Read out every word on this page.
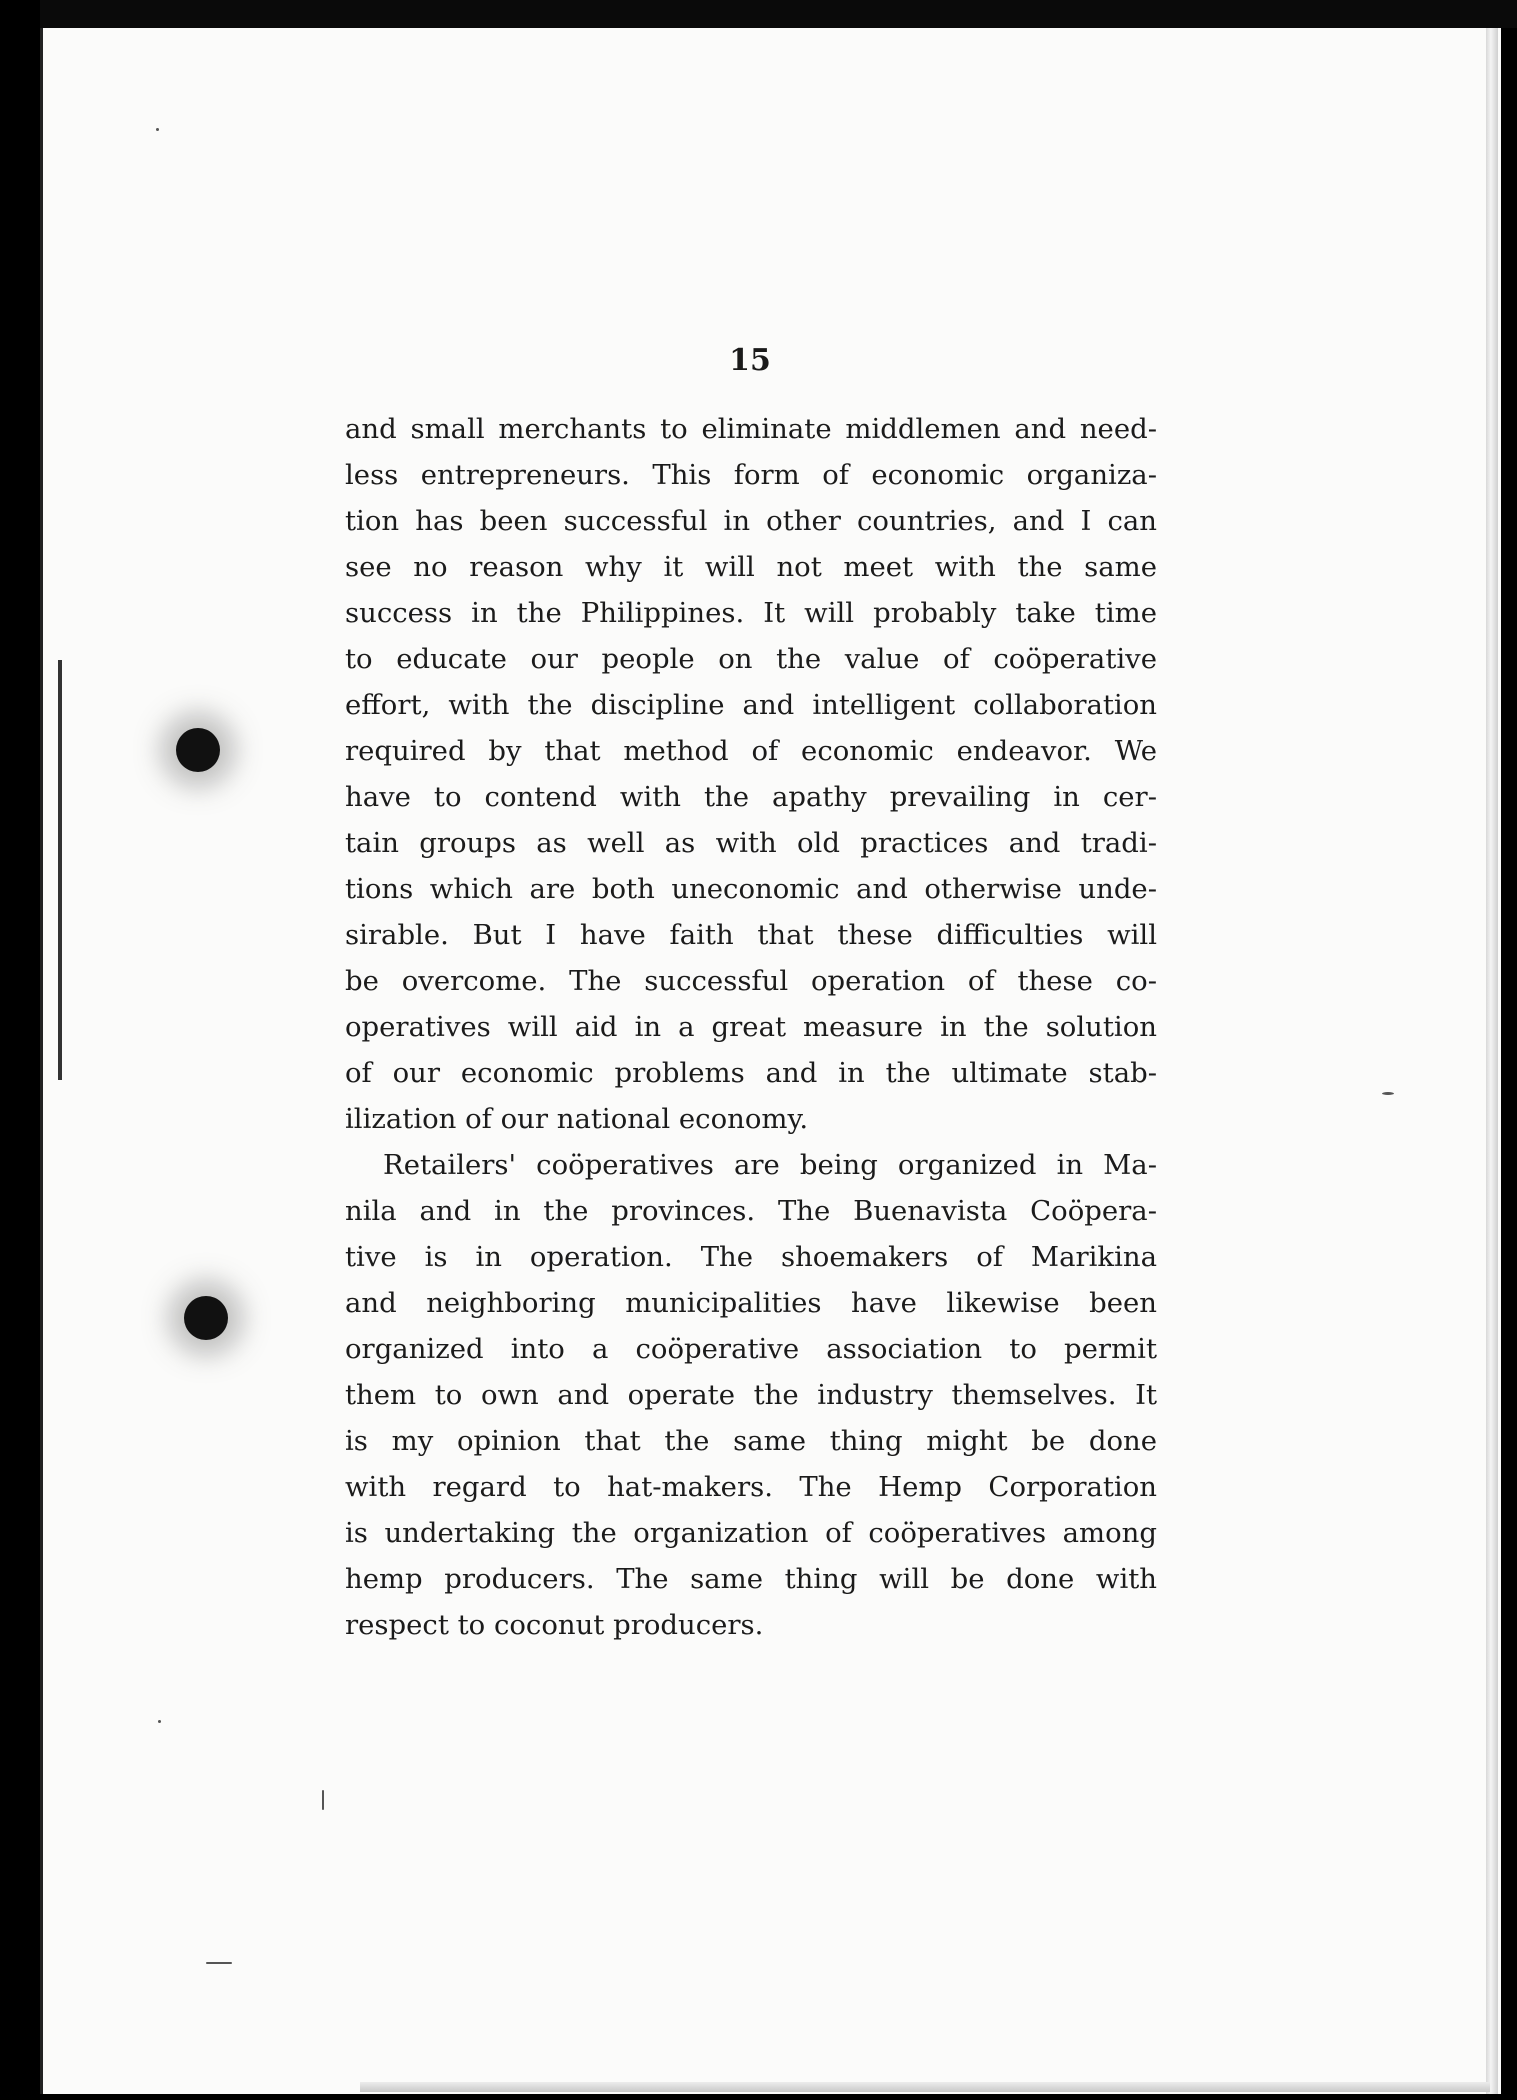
15
and small merchants to eliminate middlemen and need-
less entrepreneurs. This form of economic organiza-
tion has been successful in other countries, and I can
see no reason why it will not meet with the same
success in the Philippines. It will probably take time
to educate our people on the value of coöperative
effort, with the discipline and intelligent collaboration
required by that method of economic endeavor. We
have to contend with the apathy prevailing in cer-
tain groups as well as with old practices and tradi-
tions which are both uneconomic and otherwise unde-
sirable. But I have faith that these difficulties will
be overcome. The successful operation of these co-
operatives will aid in a great measure in the solution
of our economic problems and in the ultimate stab-
ilization of our national economy.
Retailers' coöperatives are being organized in Ma-
nila and in the provinces. The Buenavista Coöpera-
tive is in operation. The shoemakers of Marikina
and neighboring municipalities have likewise been
organized into a coöperative association to permit
them to own and operate the industry themselves. It
is my opinion that the same thing might be done
with regard to hat-makers. The Hemp Corporation
is undertaking the organization of coöperatives among
hemp producers. The same thing will be done with
respect to coconut producers.
